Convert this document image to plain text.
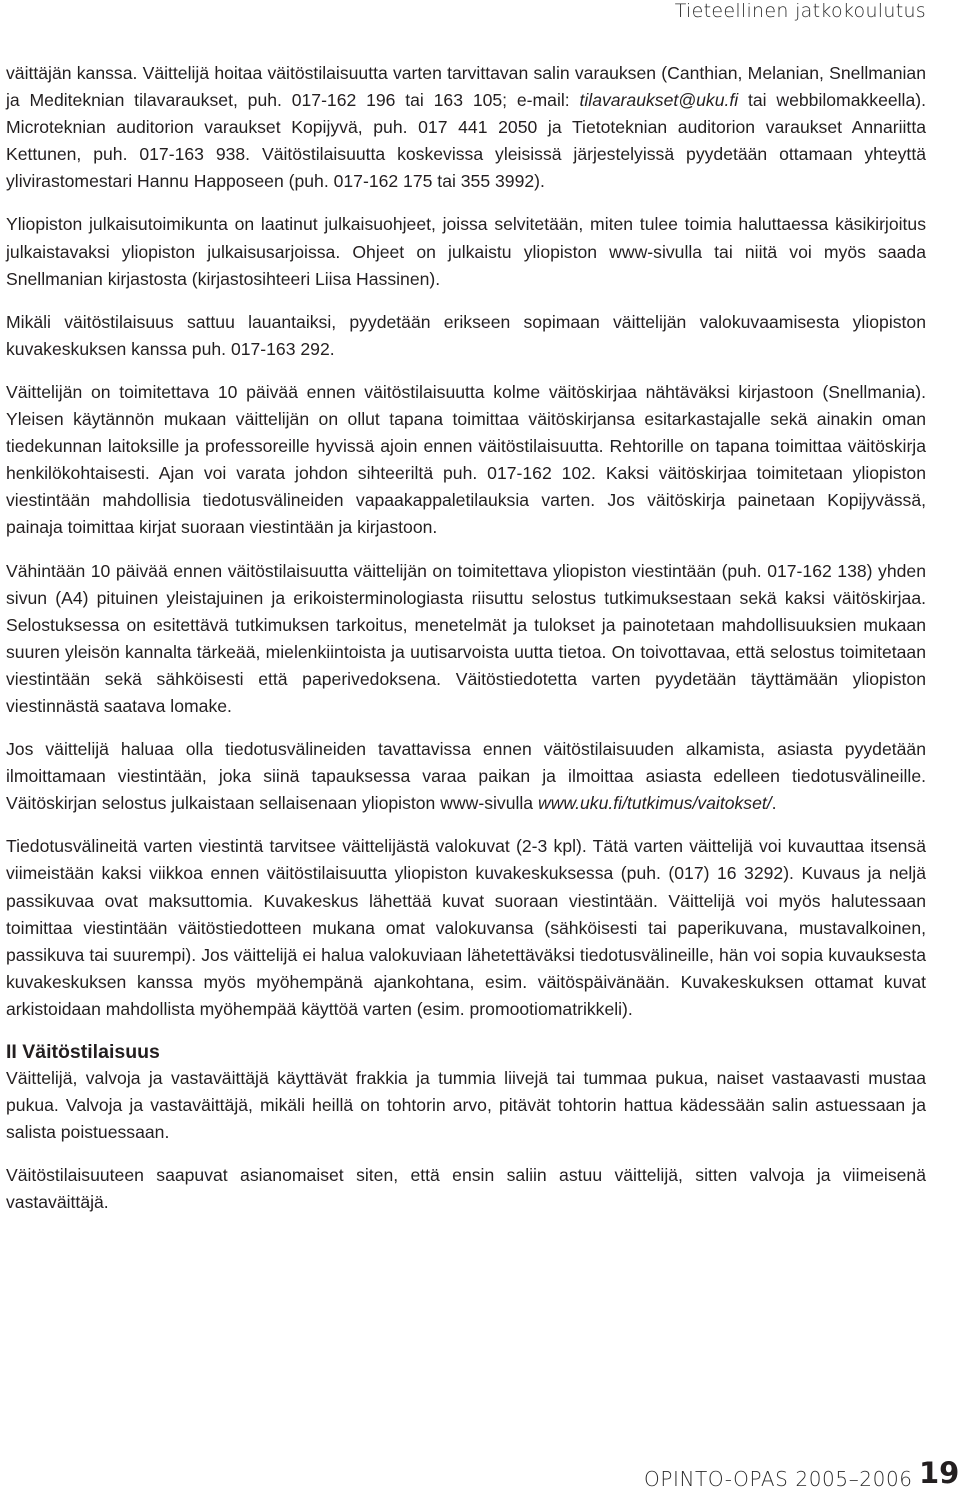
Tieteellinen jatkokoulutus

väittäjän kanssa. Väittelijä hoitaa väitöstilaisuutta varten tarvittavan salin varauksen (Canthian, Melanian, Snellmanian ja Mediteknian tilavaraukset, puh. 017-162 196 tai 163 105; e-mail: tilavaraukset@uku.fi tai webbilomakkeella). Microteknian auditorion varaukset Kopijyvä, puh. 017 441 2050 ja Tietoteknian auditorion varaukset Annariitta Kettunen, puh. 017-163 938. Väitöstilaisuutta koskevissa yleisissä järjestelyissä pyydetään ottamaan yhteyttä ylivirastomestari Hannu Happoseen (puh. 017-162 175 tai 355 3992).

Yliopiston julkaisutoimikunta on laatinut julkaisuohjeet, joissa selvitetään, miten tulee toimia haluttaessa käsikirjoitus julkaistavaksi yliopiston julkaisusarjoissa. Ohjeet on julkaistu yliopiston www-sivulla tai niitä voi myös saada Snellmanian kirjastosta (kirjastosihteeri Liisa Hassinen).

Mikäli väitöstilaisuus sattuu lauantaiksi, pyydetään erikseen sopimaan väittelijän valokuvaamisesta yliopiston kuvakeskuksen kanssa puh. 017-163 292.

Väittelijän on toimitettava 10 päivää ennen väitöstilaisuutta kolme väitöskirjaa nähtäväksi kirjastoon (Snellmania). Yleisen käytännön mukaan väittelijän on ollut tapana toimittaa väitöskirjansa esitarkastajalle sekä ainakin oman tiedekunnan laitoksille ja professoreille hyvissä ajoin ennen väitöstilaisuutta. Rehtorille on tapana toimittaa väitöskirja henkilökohtaisesti. Ajan voi varata johdon sihteeriltä puh. 017-162 102. Kaksi väitöskirjaa toimitetaan yliopiston viestintään mahdollisia tiedotusvälineiden vapaakappaletilauksia varten. Jos väitöskirja painetaan Kopijyvässä, painaja toimittaa kirjat suoraan viestintään ja kirjastoon.

Vähintään 10 päivää ennen väitöstilaisuutta väittelijän on toimitettava yliopiston viestintään (puh. 017-162 138) yhden sivun (A4) pituinen yleistajuinen ja erikoisterminologiasta riisuttu selostus tutkimuksestaan sekä kaksi väitöskirjaa. Selostuksessa on esitettävä tutkimuksen tarkoitus, menetelmät ja tulokset ja painotetaan mahdollisuuksien mukaan suuren yleisön kannalta tärkeää, mielenkiintoista ja uutisarvoista uutta tietoa. On toivottavaa, että selostus toimitetaan viestintään sekä sähköisesti että paperivedoksena. Väitöstiedotetta varten pyydetään täyttämään yliopiston viestinnästä saatava lomake.

Jos väittelijä haluaa olla tiedotusvälineiden tavattavissa ennen väitöstilaisuuden alkamista, asiasta pyydetään ilmoittamaan viestintään, joka siinä tapauksessa varaa paikan ja ilmoittaa asiasta edelleen tiedotusvälineille. Väitöskirjan selostus julkaistaan sellaisenaan yliopiston www-sivulla www.uku.fi/tutkimus/vaitokset/.

Tiedotusvälineitä varten viestintä tarvitsee väittelijästä valokuvat (2-3 kpl). Tätä varten väittelijä voi kuvauttaa itsensä viimeistään kaksi viikkoa ennen väitöstilaisuutta yliopiston kuvakeskuksessa (puh. (017) 16 3292). Kuvaus ja neljä passikuvaa ovat maksuttomia. Kuvakeskus lähettää kuvat suoraan viestintään. Väittelijä voi myös halutessaan toimittaa viestintään väitöstiedotteen mukana omat valokuvansa (sähköisesti tai paperikuvana, mustavalkoinen, passikuva tai suurempi). Jos väittelijä ei halua valokuviaan lähetettäväksi tiedotusvälineille, hän voi sopia kuvauksesta kuvakeskuksen kanssa myös myöhempänä ajankohtana, esim. väitöspäivänään. Kuvakeskuksen ottamat kuvat arkistoidaan mahdollista myöhempää käyttöä varten (esim. promootiomatrikkeli).

II Väitöstilaisuus

Väittelijä, valvoja ja vastaväittäjä käyttävät frakkia ja tummia liivejä tai tummaa pukua, naiset vastaavasti mustaa pukua. Valvoja ja vastaväittäjä, mikäli heillä on tohtorin arvo, pitävät tohtorin hattua kädessään salin astuessaan ja salista poistuessaan.

Väitöstilaisuuteen saapuvat asianomaiset siten, että ensin saliin astuu väittelijä, sitten valvoja ja viimeisenä vastaväittäjä.

OPINTO-OPAS 2005–2006 19
